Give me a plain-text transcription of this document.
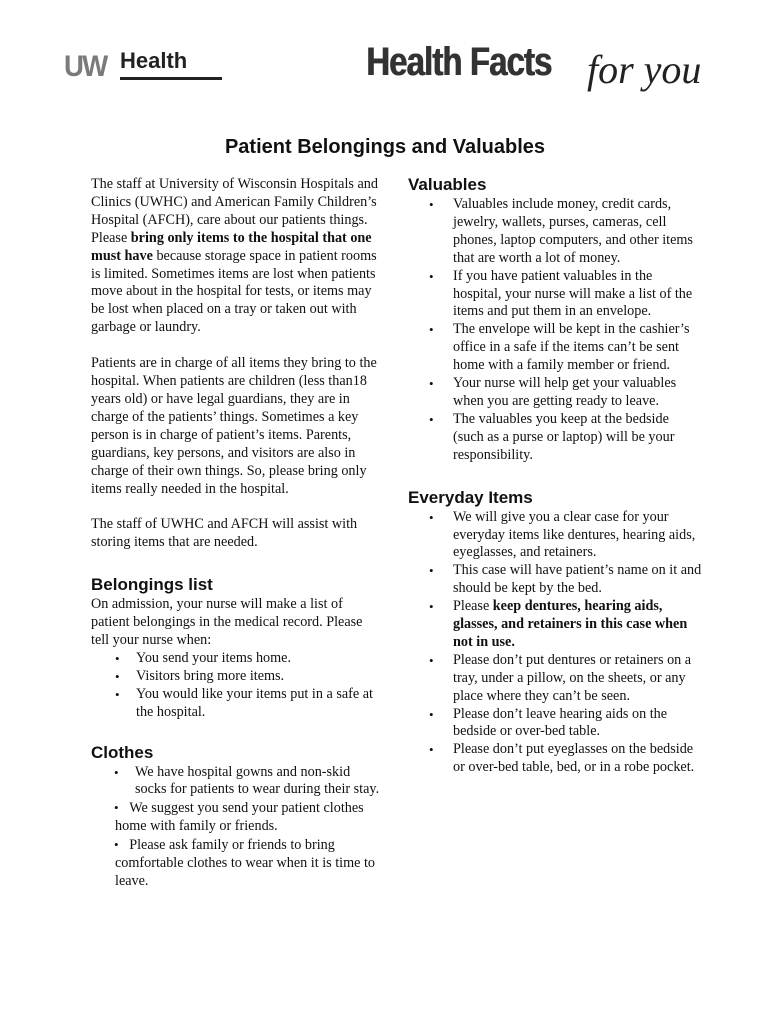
UW Health	Health Facts for you
Patient Belongings and Valuables

The staff at University of Wisconsin Hospitals and Clinics (UWHC) and American Family Children’s Hospital (AFCH), care about our patients things. Please bring only items to the hospital that one must have because storage space in patient rooms is limited. Sometimes items are lost when patients move about in the hospital for tests, or items may be lost when placed on a tray or taken out with garbage or laundry.

Patients are in charge of all items they bring to the hospital. When patients are children (less than18 years old) or have legal guardians, they are in charge of the patients’ things. Sometimes a key person is in charge of patient’s items. Parents, guardians, key persons, and visitors are also in charge of their own things. So, please bring only items really needed in the hospital.

The staff of UWHC and AFCH will assist with storing items that are needed.

Belongings list

On admission, your nurse will make a list of patient belongings in the medical record. Please tell your nurse when:

• You send your items home.
• Visitors bring more items.
• You would like your items put in a safe at the hospital.
Clothes
• We have hospital gowns and non-skid socks for patients to wear during their stay.
• We suggest you send your patient clothes home with family or friends.
• Please ask family or friends to bring comfortable clothes to wear when it is time to leave.
Valuables
• Valuables include money, credit cards, jewelry, wallets, purses, cameras, cell phones, laptop computers, and other items that are worth a lot of money.
• If you have patient valuables in the hospital, your nurse will make a list of the items and put them in an envelope.
• The envelope will be kept in the cashier’s office in a safe if the items can’t be sent home with a family member or friend.
• Your nurse will help get your valuables when you are getting ready to leave.
• The valuables you keep at the bedside (such as a purse or laptop) will be your responsibility.
Everyday Items
• We will give you a clear case for your everyday items like dentures, hearing aids, eyeglasses, and retainers.
• This case will have patient’s name on it and should be kept by the bed.
• Please keep dentures, hearing aids, glasses, and retainers in this case when not in use.
• Please don’t put dentures or retainers on a tray, under a pillow, on the sheets, or any place where they can’t be seen.
• Please don’t leave hearing aids on the bedside or over-bed table.
• Please don’t put eyeglasses on the bedside or over-bed table, bed, or in a robe pocket.
